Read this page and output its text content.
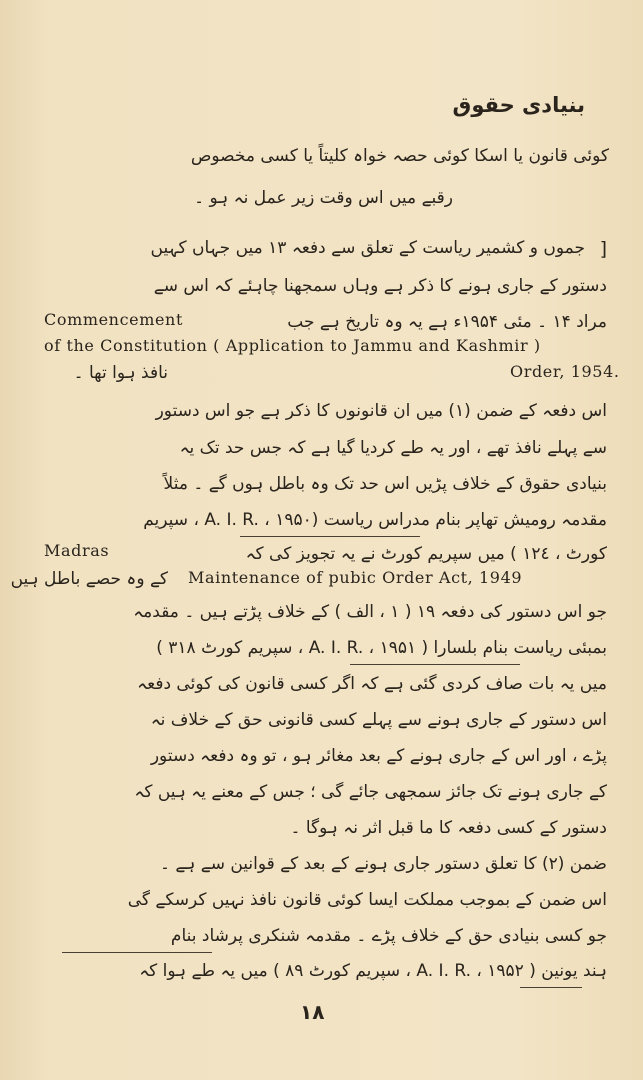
بنیادی حقوق
کوئی قانون یا اسکا کوئی حصہ خواہ کلیتاً یا کسی مخصوص
رقبے میں اس وقت زیر عمل نہ ہو ۔
[
جموں و کشمیر ریاست کے تعلق سے دفعہ ۱۳ میں جہاں کہیں
دستور کے جاری ہونے کا ذکر ہے وہاں سمجھنا چاہئے کہ اس سے
مراد ۱۴ ۔ مئی ۱۹۵۴ء ہے یہ وہ تاریخ ہے جب
Commencement
of the Constitution ( Application to Jammu and Kashmir )
نافذ ہوا تھا ۔	Order, 1954.
اس دفعہ کے ضمن (۱) میں ان قانونوں کا ذکر ہے جو اس دستور
سے پہلے نافذ تھے ، اور یہ طے کردیا گیا ہے کہ جس حد تک یہ
بنیادی حقوق کے خلاف پڑیں اس حد تک وہ باطل ہوں گے ۔ مثلاً
مقدمہ رومیش تھاپر بنام مدراس ریاست (A. I. R. ، ۱۹۵۰ ، سپریم
کورٹ ، ۱۲٤ ) میں سپریم کورٹ نے یہ تجویز کی کہ
Madras
Maintenance of pubic Order Act, 1949
کے وہ حصے باطل ہیں
جو اس دستور کی دفعہ ۱۹ ( ۱ ، الف ) کے خلاف پڑتے ہیں ۔ مقدمہ
بمبئی ریاست بنام بلسارا ( A. I. R. ، ۱۹۵۱ ، سپریم کورٹ ۳۱۸ )
میں یہ بات صاف کردی گئی ہے کہ اگر کسی قانون کی کوئی دفعہ
اس دستور کے جاری ہونے سے پہلے کسی قانونی حق کے خلاف نہ
پڑے ، اور اس کے جاری ہونے کے بعد مغائر ہو ، تو وہ دفعہ دستور
کے جاری ہونے تک جائز سمجھی جائے گی ؛ جس کے معنے یہ ہیں کہ
دستور کے کسی دفعہ کا ما قبل اثر نہ ہوگا ۔
ضمن (۲) کا تعلق دستور جاری ہونے کے بعد کے قوانین سے ہے ۔
اس ضمن کے بموجب مملکت ایسا کوئی قانون نافذ نہیں کرسکے گی
جو کسی بنیادی حق کے خلاف پڑے ۔ مقدمہ شنکری پرشاد بنام
ہند یونین ( A. I. R. ، ۱۹۵۲ ، سپریم کورٹ ۸۹ ) میں یہ طے ہوا کہ
۱۸
